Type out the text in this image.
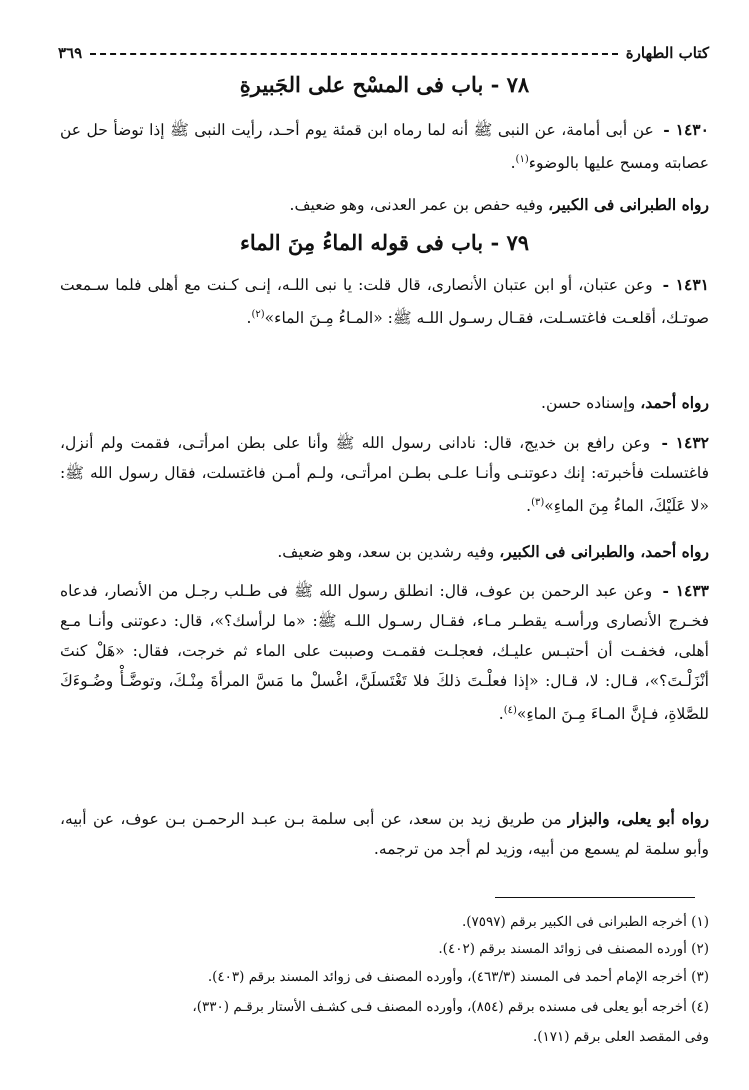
كتاب الطهارة
٣٦٩
٧٨ - باب فى المسْح على الجَبيرةِ
١٤٣٠ - عن أبى أمامة، عن النبى ﷺ أنه لما رماه ابن قمئة يوم أحـد، رأيت النبى ﷺ إذا توضأ حل عن عصابته ومسح عليها بالوضوء$^{(١)}$.
رواه الطبرانى فى الكبير، وفيه حفص بن عمر العدنى، وهو ضعيف.
٧٩ - باب فى قوله الماءُ مِنَ الماء
١٤٣١ - وعن عتبان، أو ابن عتبان الأنصارى، قال قلت: يا نبى اللـه، إنـى كـنت مع أهلى فلما سـمعت صوتـك، أقلعـت فاغتسـلت، فقـال رسـول اللـه ﷺ: «المـاءُ مِـنَ الماء»$^{(٢)}$.
رواه أحمد، وإسناده حسن.
١٤٣٢ - وعن رافع بن خديج، قال: نادانى رسول الله ﷺ وأنا على بطن امرأتـى، فقمت ولم أنزل، فاغتسلت فأخبرته: إنك دعوتنـى وأنـا علـى بطـن امرأتـى، ولـم أمـن فاغتسلت، فقال رسول الله ﷺ: «لا عَلَيْكَ، الماءُ مِنَ الماءِ»$^{(٣)}$.
رواه أحمد، والطبرانى فى الكبير، وفيه رشدين بن سعد، وهو ضعيف.
١٤٣٣ - وعن عبد الرحمن بن عوف، قال: انطلق رسول الله ﷺ فى طـلب رجـل من الأنصار، فدعاه فخـرج الأنصارى ورأسـه يقطـر مـاء، فقـال رسـول اللـه ﷺ: «ما لرأسك؟»، قال: دعوتنى وأنـا مـع أهلى، فخفـت أن أحتبـس عليـك، فعجلـت فقمـت وصببت على الماء ثم خرجت، فقال: «هَلْ كنتَ أنْزَلْـتَ؟»، قـال: لا، قـال: «إذا فعلْـتَ ذلكَ فلا تَغْتَسلَنَّ، اغْسلْ ما مَسَّ المرأةَ مِنْـكَ، وتوضَّـأْ وضُـوءَكَ للصَّلاةِ، فـإنَّ المـاءَ مِـنَ الماءِ»$^{(٤)}$.
رواه أبو يعلى، والبزار من طريق زيد بن سعد، عن أبى سلمة بـن عبـد الرحمـن بـن عوف، عن أبيه، وأبو سلمة لم يسمع من أبيه، وزيد لم أجد من ترجمه.
(١) أخرجه الطبرانى فى الكبير برقم (٧٥٩٧).
(٢) أورده المصنف فى زوائد المسند برقم (٤٠٢).
(٣) أخرجه الإمام أحمد فى المسند (٤٦٣/٣)، وأورده المصنف فى زوائد المسند برقم (٤٠٣).
(٤) أخرجه أبو يعلى فى مسنده برقم (٨٥٤)، وأورده المصنف فـى كشـف الأستار برقـم (٣٣٠)،
وفى المقصد العلى برقم (١٧١).
